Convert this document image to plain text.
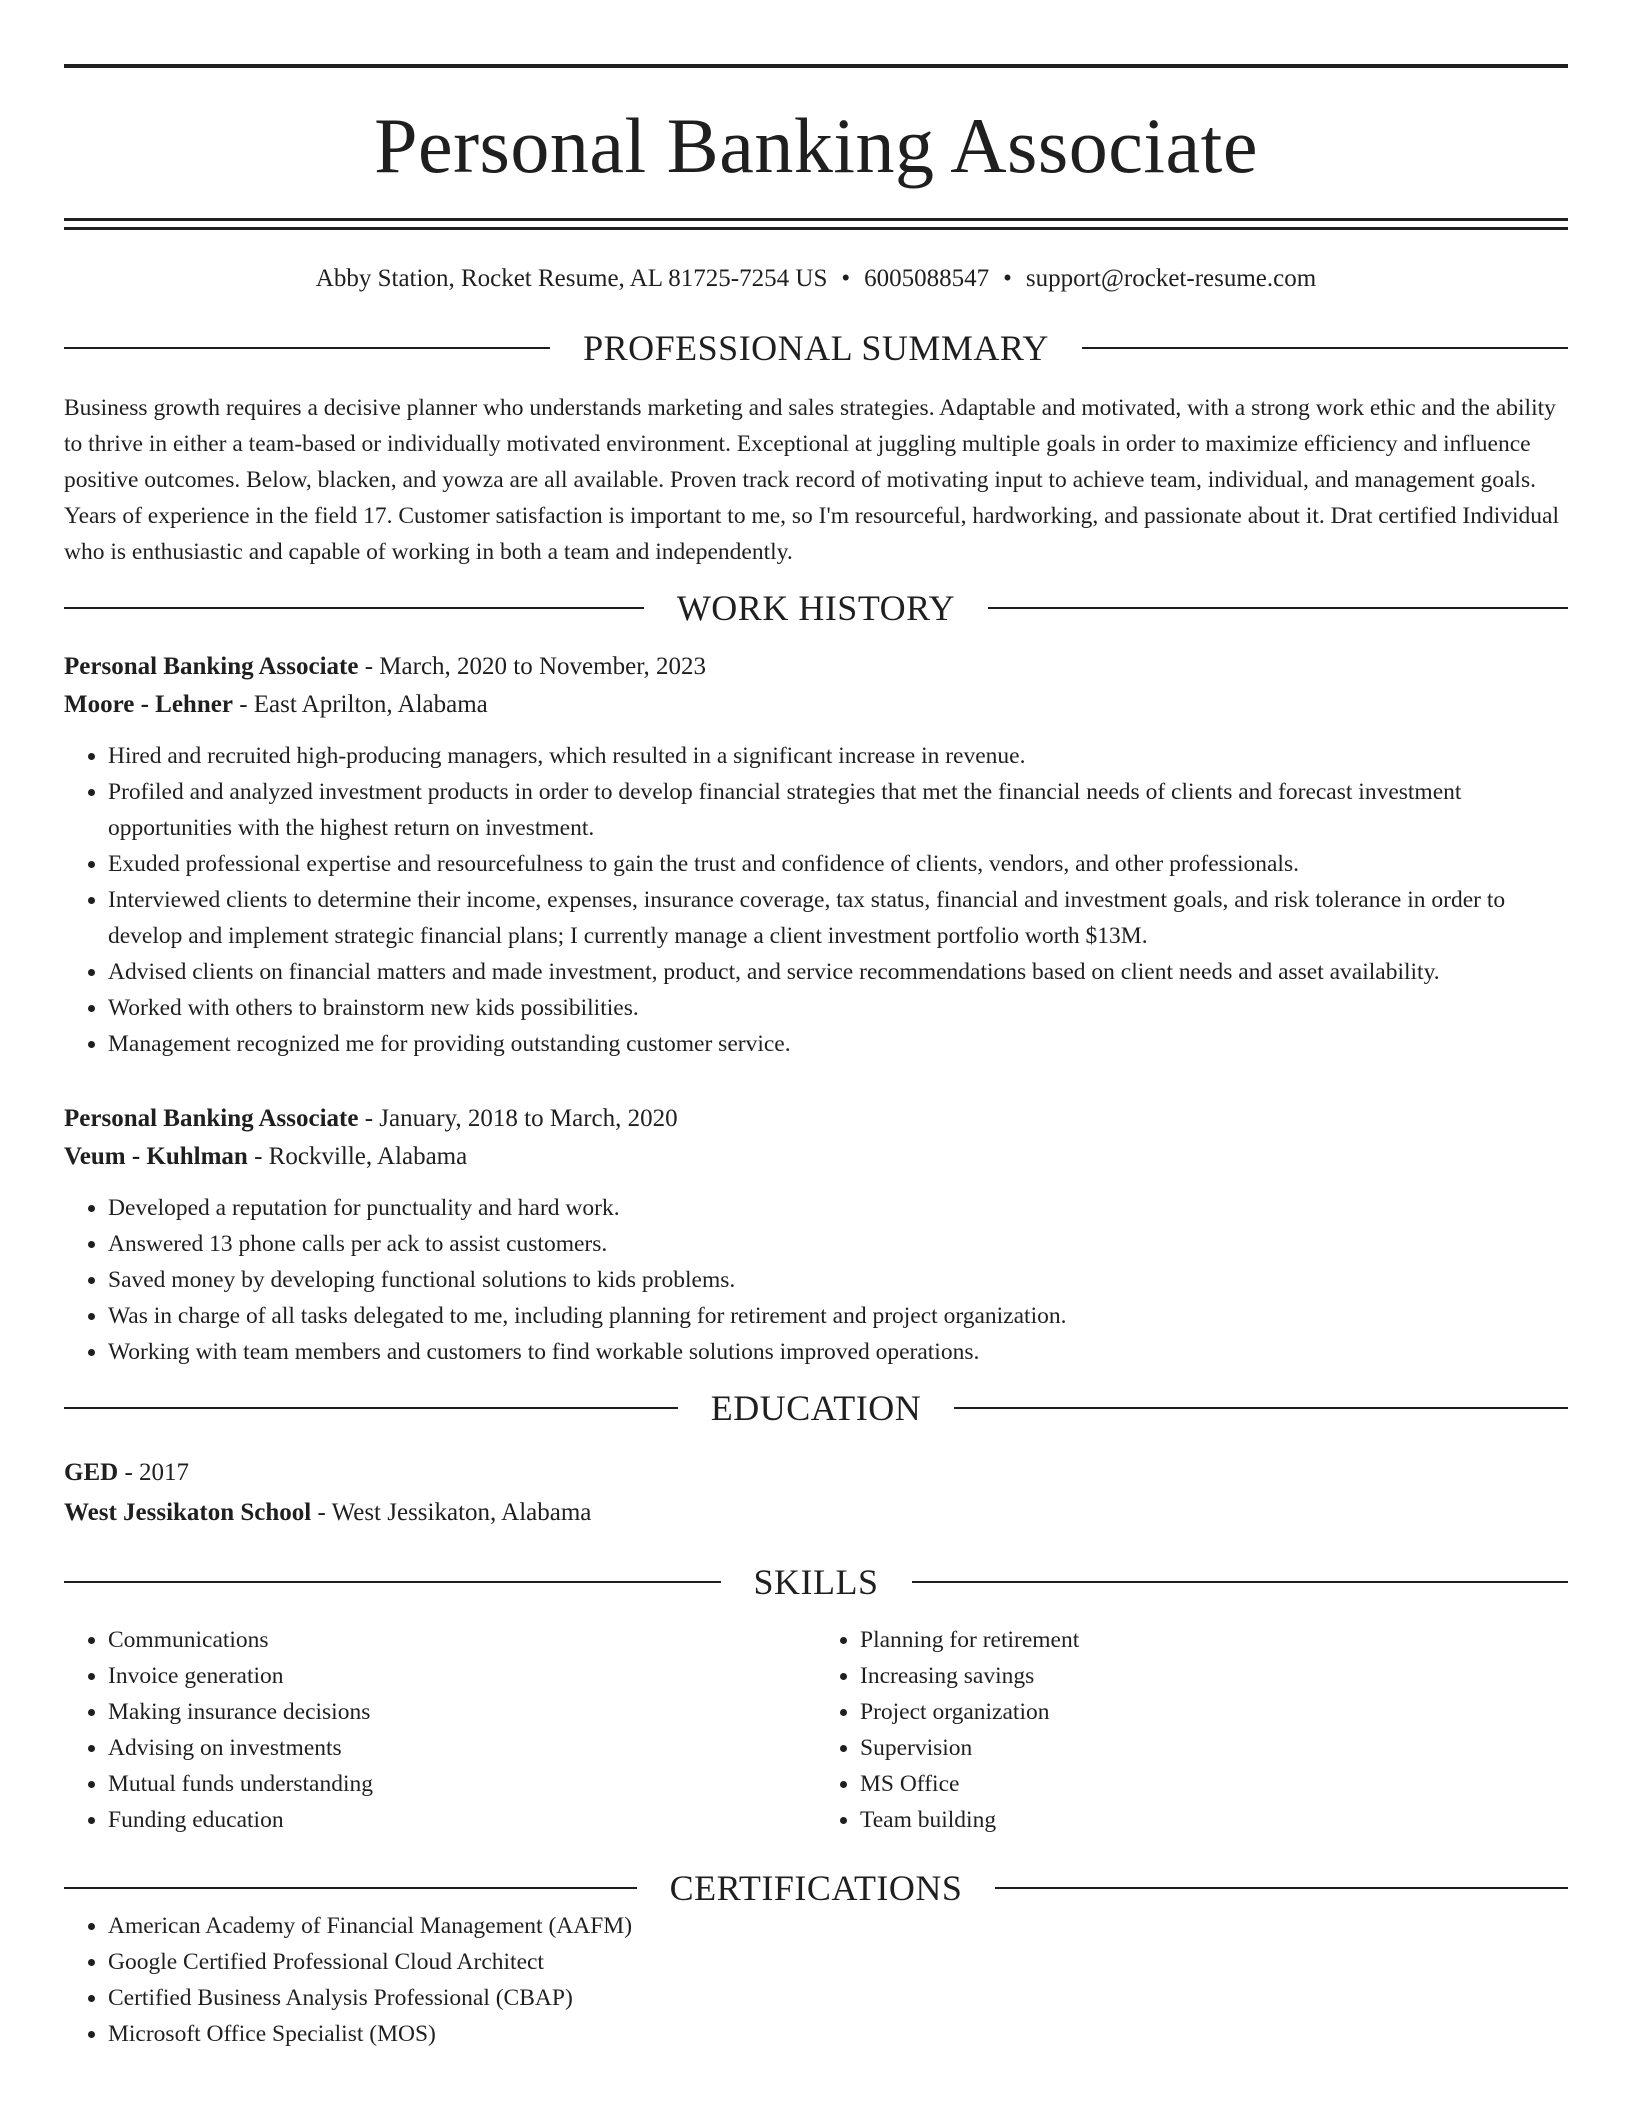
Personal Banking Associate
Abby Station, Rocket Resume, AL 81725-7254 US • 6005088547 • support@rocket-resume.com
PROFESSIONAL SUMMARY

Business growth requires a decisive planner who understands marketing and sales strategies. Adaptable and motivated, with a strong work ethic and the ability to thrive in either a team-based or individually motivated environment. Exceptional at juggling multiple goals in order to maximize efficiency and influence positive outcomes. Below, blacken, and yowza are all available. Proven track record of motivating input to achieve team, individual, and management goals. Years of experience in the field 17. Customer satisfaction is important to me, so I'm resourceful, hardworking, and passionate about it. Drat certified Individual who is enthusiastic and capable of working in both a team and independently.

WORK HISTORY
Personal Banking Associate - March, 2020 to November, 2023
Moore - Lehner - East Aprilton, Alabama
• Hired and recruited high-producing managers, which resulted in a significant increase in revenue.
• Profiled and analyzed investment products in order to develop financial strategies that met the financial needs of clients and forecast investment opportunities with the highest return on investment.
• Exuded professional expertise and resourcefulness to gain the trust and confidence of clients, vendors, and other professionals.
• Interviewed clients to determine their income, expenses, insurance coverage, tax status, financial and investment goals, and risk tolerance in order to develop and implement strategic financial plans; I currently manage a client investment portfolio worth $13M.
• Advised clients on financial matters and made investment, product, and service recommendations based on client needs and asset availability.
• Worked with others to brainstorm new kids possibilities.
• Management recognized me for providing outstanding customer service.
Personal Banking Associate - January, 2018 to March, 2020
Veum - Kuhlman - Rockville, Alabama
• Developed a reputation for punctuality and hard work.
• Answered 13 phone calls per ack to assist customers.
• Saved money by developing functional solutions to kids problems.
• Was in charge of all tasks delegated to me, including planning for retirement and project organization.
• Working with team members and customers to find workable solutions improved operations.
EDUCATION
GED - 2017
West Jessikaton School - West Jessikaton, Alabama
SKILLS
• Communications
• Invoice generation
• Making insurance decisions
• Advising on investments
• Mutual funds understanding
• Funding education
• Planning for retirement
• Increasing savings
• Project organization
• Supervision
• MS Office
• Team building
CERTIFICATIONS
• American Academy of Financial Management (AAFM)
• Google Certified Professional Cloud Architect
• Certified Business Analysis Professional (CBAP)
• Microsoft Office Specialist (MOS)
